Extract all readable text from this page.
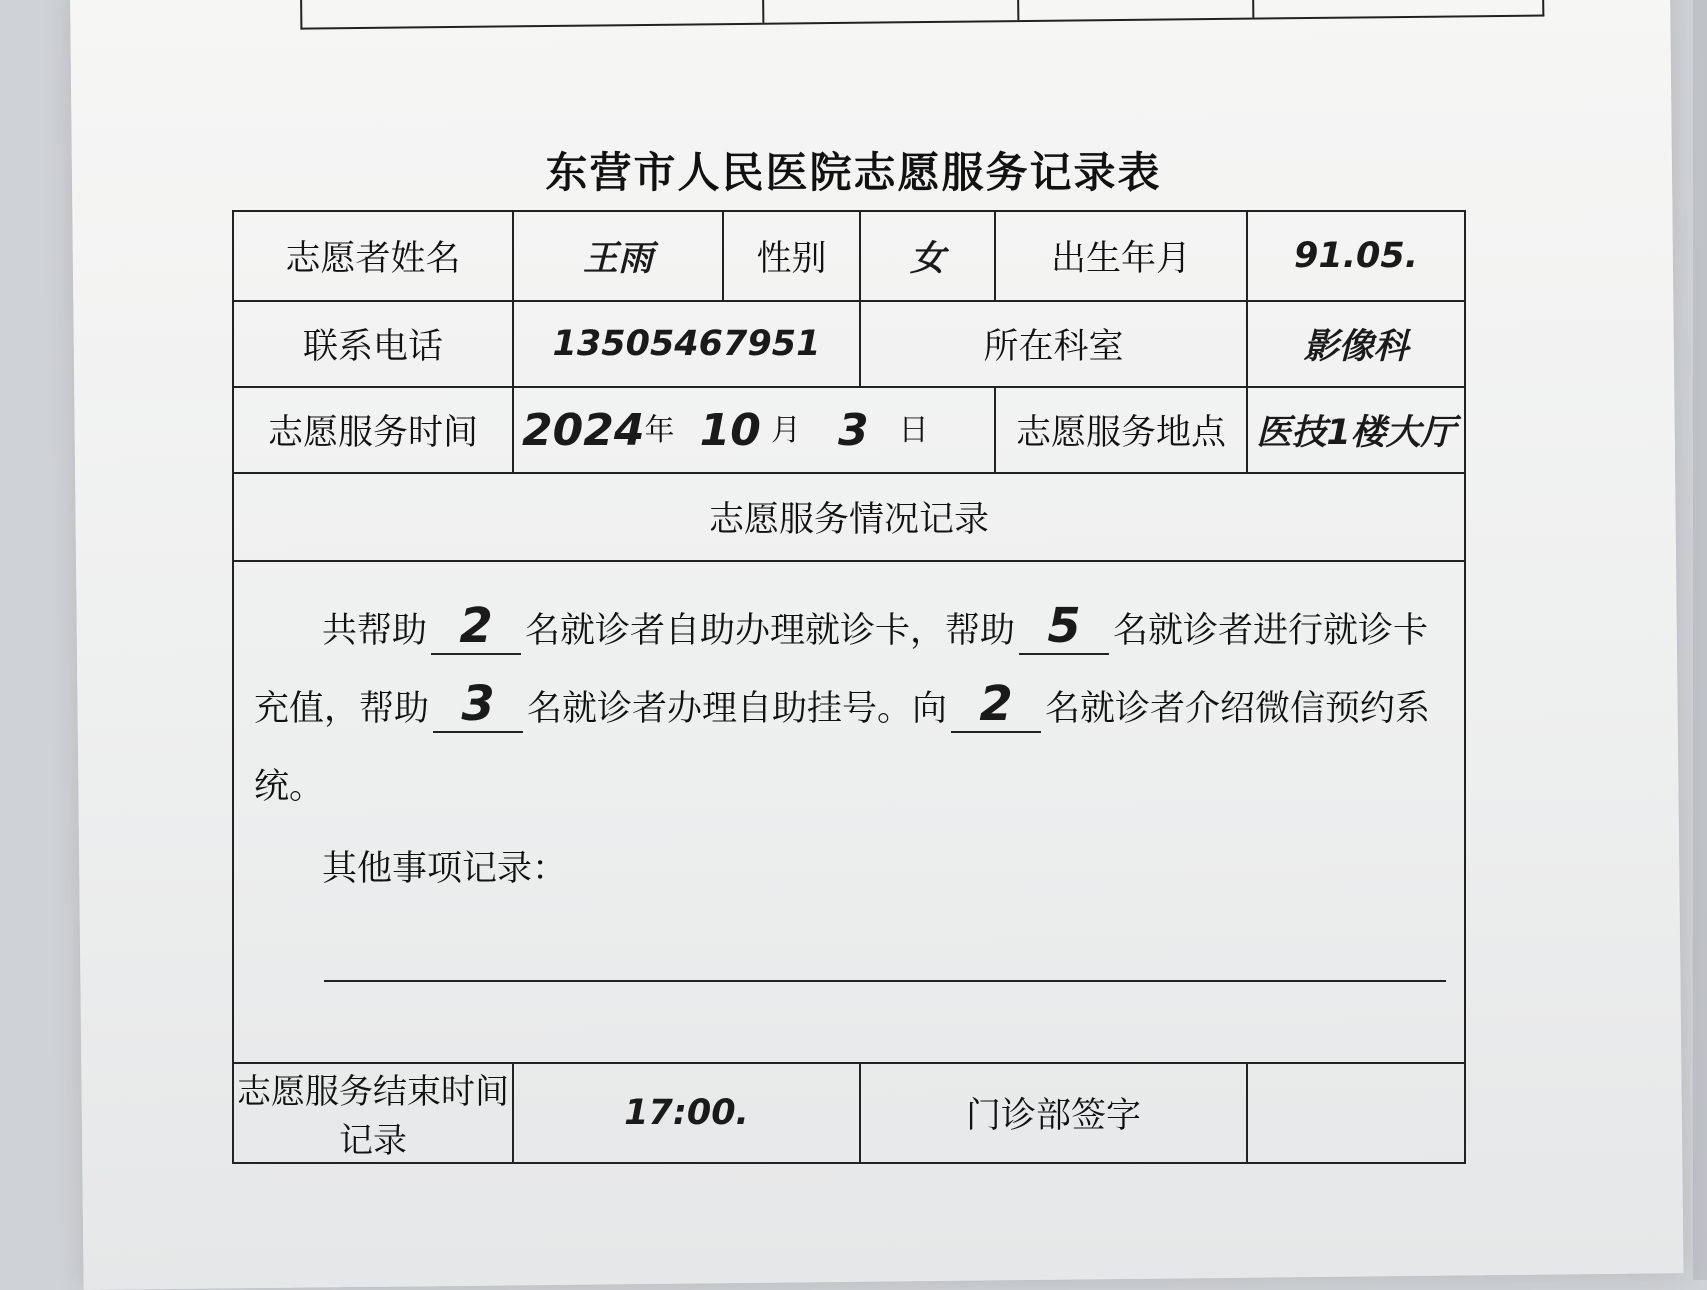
东营市人民医院志愿服务记录表
志愿者姓名	王雨	性别	女	出生年月	91.05.
联系电话	13505467951		所在科室		影像科
志愿服务时间	2024年 10 月 3 日			志愿服务地点	医技1楼大厅
志愿服务情况记录					
共帮助 2 名就诊者自助办理就诊卡，帮助 5 名就诊者进行就诊卡充值，帮助 3 名就诊者办理自助挂号。向 2 名就诊者介绍微信预约系统。
其他事项记录：					

志愿服务结束时间记录	17:00.		门诊部签字		
